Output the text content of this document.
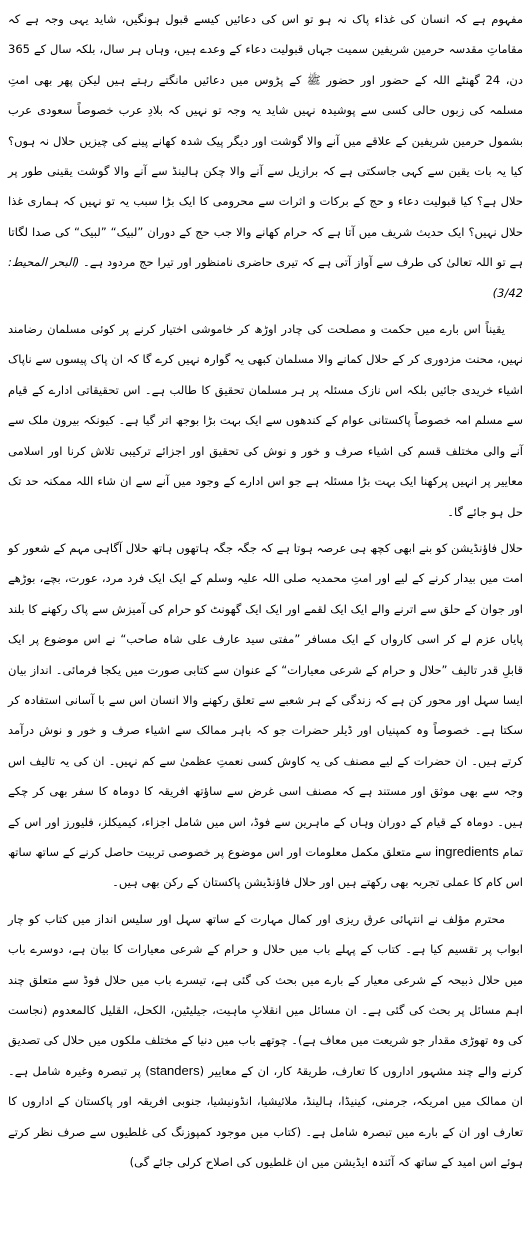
مفہوم ہے کہ انسان کی غذاء پاک نہ ہو تو اس کی دعائیں کیسے قبول ہونگیں، شاید یہی وجہ ہے کہ مقاماتِ مقدسہ حرمین شریفین سمیت جہاں قبولیت دعاء کے وعدے ہیں، وہاں ہر سال، بلکہ سال کے 365 دن، 24 گھنٹے اللہ کے حضور اور حضور ﷺ کے پڑوس میں دعائیں مانگتے رہتے ہیں لیکن پھر بھی امتِ مسلمہ کی زبوں حالی کسی سے پوشیدہ نہیں شاید یہ وجہ تو نہیں کہ بلادِ عرب خصوصاً سعودی عرب بشمول حرمین شریفین کے علاقے میں آنے والا گوشت اور دیگر پیک شدہ کھانے پینے کی چیزیں حلال نہ ہوں؟ کیا یہ بات یقین سے کہی جاسکتی ہے کہ برازیل سے آنے والا چکن ہالینڈ سے آنے والا گوشت یقینی طور پر حلال ہے؟ کیا قبولیت دعاء و حج کے برکات و اثرات سے محرومی کا ایک بڑا سبب یہ تو نہیں کہ ہماری غذا حلال نہیں؟ ایک حدیث شریف میں آتا ہے کہ حرام کھانے والا جب حج کے دوران ”لبیک“ ”لبیک“ کی صدا لگاتا ہے تو اللہ تعالیٰ کی طرف سے آواز آتی ہے کہ تیری حاضری نامنظور اور تیرا حج مردود ہے۔ (البحر المحیط: 3/42)

یقیناً اس بارے میں حکمت و مصلحت کی چادر اوڑھ کر خاموشی اختیار کرنے پر کوئی مسلمان رضامند نہیں، محنت مزدوری کر کے حلال کمانے والا مسلمان کبھی یہ گوارہ نہیں کرے گا کہ ان پاک پیسوں سے ناپاک اشیاء خریدی جائیں بلکہ اس نازک مسئلہ پر ہر مسلمان تحقیق کا طالب ہے۔ اس تحقیقاتی ادارے کے قیام سے مسلم امہ خصوصاً پاکستانی عوام کے کندھوں سے ایک بہت بڑا بوجھ اتر گیا ہے۔ کیونکہ بیرون ملک سے آنے والی مختلف قسم کی اشیاء صرف و خور و نوش کی تحقیق اور اجزائے ترکیبی تلاش کرنا اور اسلامی معاییر پر انہیں پرکھنا ایک بہت بڑا مسئلہ ہے جو اس ادارے کے وجود میں آنے سے ان شاء اللہ ممکنہ حد تک حل ہو جائے گا۔

حلال فاؤنڈیشن کو بنے ابھی کچھ ہی عرصہ ہوتا ہے کہ جگہ جگہ ہاتھوں ہاتھ حلال آگاہی مہم کے شعور کو امت میں بیدار کرنے کے لیے اور امتِ محمدیہ صلی اللہ علیہ وسلم کے ایک ایک فرد مرد، عورت، بچے، بوڑھے اور جوان کے حلق سے اترنے والے ایک ایک لقمے اور ایک ایک گھونٹ کو حرام کی آمیزش سے پاک رکھنے کا بلند پایاں عزم لے کر اسی کارواں کے ایک مسافر ”مفتی سید عارف علی شاہ صاحب“ نے اس موضوع پر ایک قابلِ قدر تالیف ”حلال و حرام کے شرعی معیارات“ کے عنوان سے کتابی صورت میں یکجا فرمائی۔ انداز بیان ایسا سہل اور محور کن ہے کہ زندگی کے ہر شعبے سے تعلق رکھنے والا انسان اس سے با آسانی استفادہ کر سکتا ہے۔ خصوصاً وہ کمپنیاں اور ڈیلر حضرات جو کہ باہر ممالک سے اشیاء صرف و خور و نوش درآمد کرتے ہیں۔ ان حضرات کے لیے مصنف کی یہ کاوش کسی نعمتِ عظمیٰ سے کم نہیں۔ ان کی یہ تالیف اس وجہ سے بھی موثق اور مستند ہے کہ مصنف اسی غرض سے ساؤتھ افریقہ کا دوماہ کا سفر بھی کر چکے ہیں۔ دوماہ کے قیام کے دوران وہاں کے ماہرین سے فوڈ، اس میں شامل اجزاء، کیمیکلز، فلیورز اور اس کے تمام ingredients سے متعلق مکمل معلومات اور اس موضوع پر خصوصی تربیت حاصل کرنے کے ساتھ ساتھ اس کام کا عملی تجربہ بھی رکھتے ہیں اور حلال فاؤنڈیشن پاکستان کے رکن بھی ہیں۔

محترم مؤلف نے انتہائی عرق ریزی اور کمال مہارت کے ساتھ سہل اور سلیس انداز میں کتاب کو چار ابواب پر تقسیم کیا ہے۔ کتاب کے پہلے باب میں حلال و حرام کے شرعی معیارات کا بیان ہے، دوسرے باب میں حلال ذبیحہ کے شرعی معیار کے بارے میں بحث کی گئی ہے، تیسرے باب میں حلال فوڈ سے متعلق چند اہم مسائل پر بحث کی گئی ہے۔ ان مسائل میں انقلابِ ماہیت، جیلیٹین، الکحل، القلیل کالمعدوم (نجاست کی وہ تھوڑی مقدار جو شریعت میں معاف ہے)۔ چوتھے باب میں دنیا کے مختلف ملکوں میں حلال کی تصدیق کرنے والے چند مشہور اداروں کا تعارف، طریقۂ کار، ان کے معاییر (standers) پر تبصرہ وغیرہ شامل ہے۔ ان ممالک میں امریکہ، جرمنی، کینیڈا، ہالینڈ، ملائیشیا، انڈونیشیا، جنوبی افریقہ اور پاکستان کے اداروں کا تعارف اور ان کے بارے میں تبصرہ شامل ہے۔ (کتاب میں موجود کمپوزنگ کی غلطیوں سے صرف نظر کرتے ہوئے اس امید کے ساتھ کہ آئندہ ایڈیشن میں ان غلطیوں کی اصلاح کرلی جائے گی)
